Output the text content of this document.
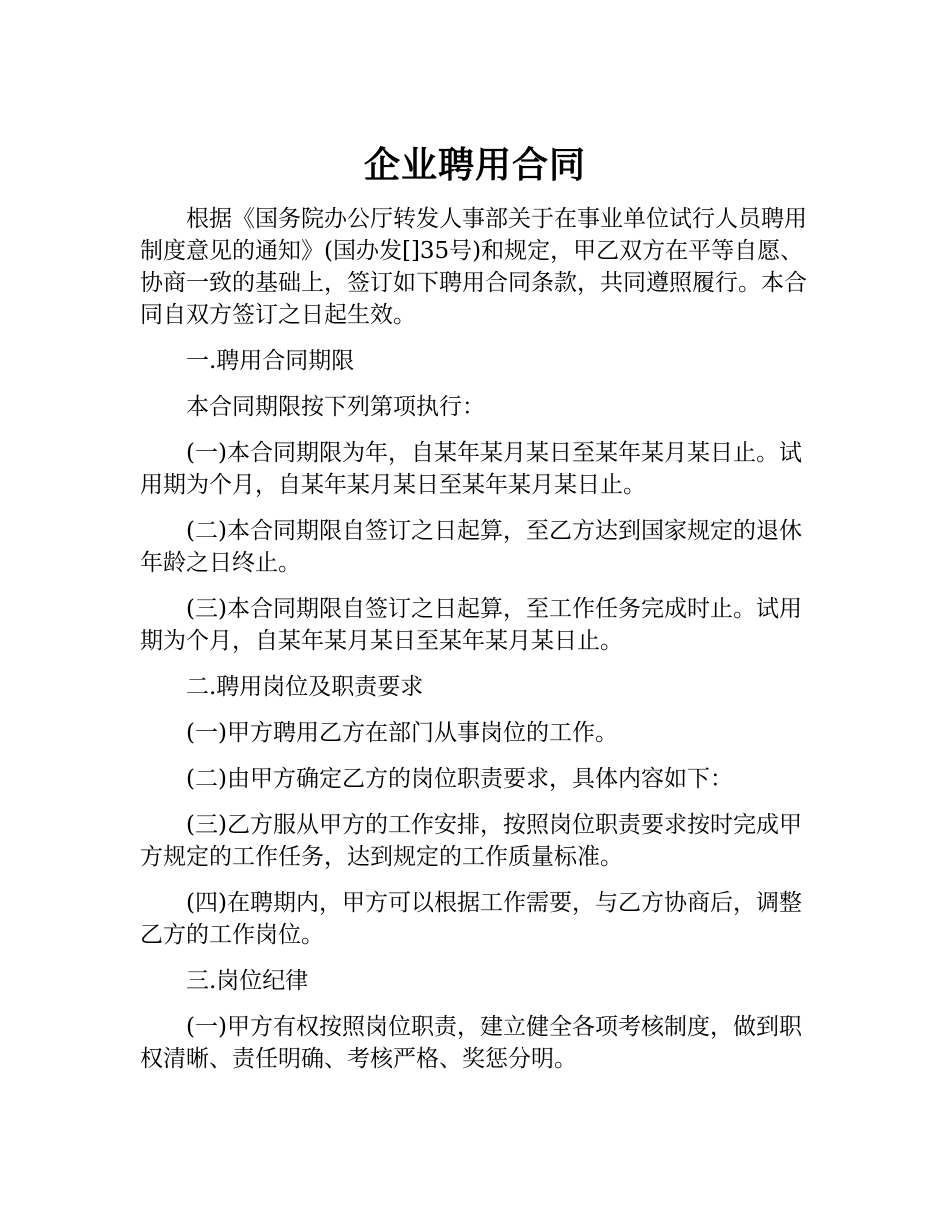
企业聘用合同

根据《国务院办公厅转发人事部关于在事业单位试行人员聘用制度意见的通知》(国办发[]35号)和规定，甲乙双方在平等自愿、协商一致的基础上，签订如下聘用合同条款，共同遵照履行。本合同自双方签订之日起生效。

一.聘用合同期限

本合同期限按下列第项执行：

(一)本合同期限为年，自某年某月某日至某年某月某日止。试用期为个月，自某年某月某日至某年某月某日止。

(二)本合同期限自签订之日起算，至乙方达到国家规定的退休年龄之日终止。

(三)本合同期限自签订之日起算，至工作任务完成时止。试用期为个月，自某年某月某日至某年某月某日止。

二.聘用岗位及职责要求

(一)甲方聘用乙方在部门从事岗位的工作。

(二)由甲方确定乙方的岗位职责要求，具体内容如下：

(三)乙方服从甲方的工作安排，按照岗位职责要求按时完成甲方规定的工作任务，达到规定的工作质量标准。

(四)在聘期内，甲方可以根据工作需要，与乙方协商后，调整乙方的工作岗位。

三.岗位纪律

(一)甲方有权按照岗位职责，建立健全各项考核制度，做到职权清晰、责任明确、考核严格、奖惩分明。
